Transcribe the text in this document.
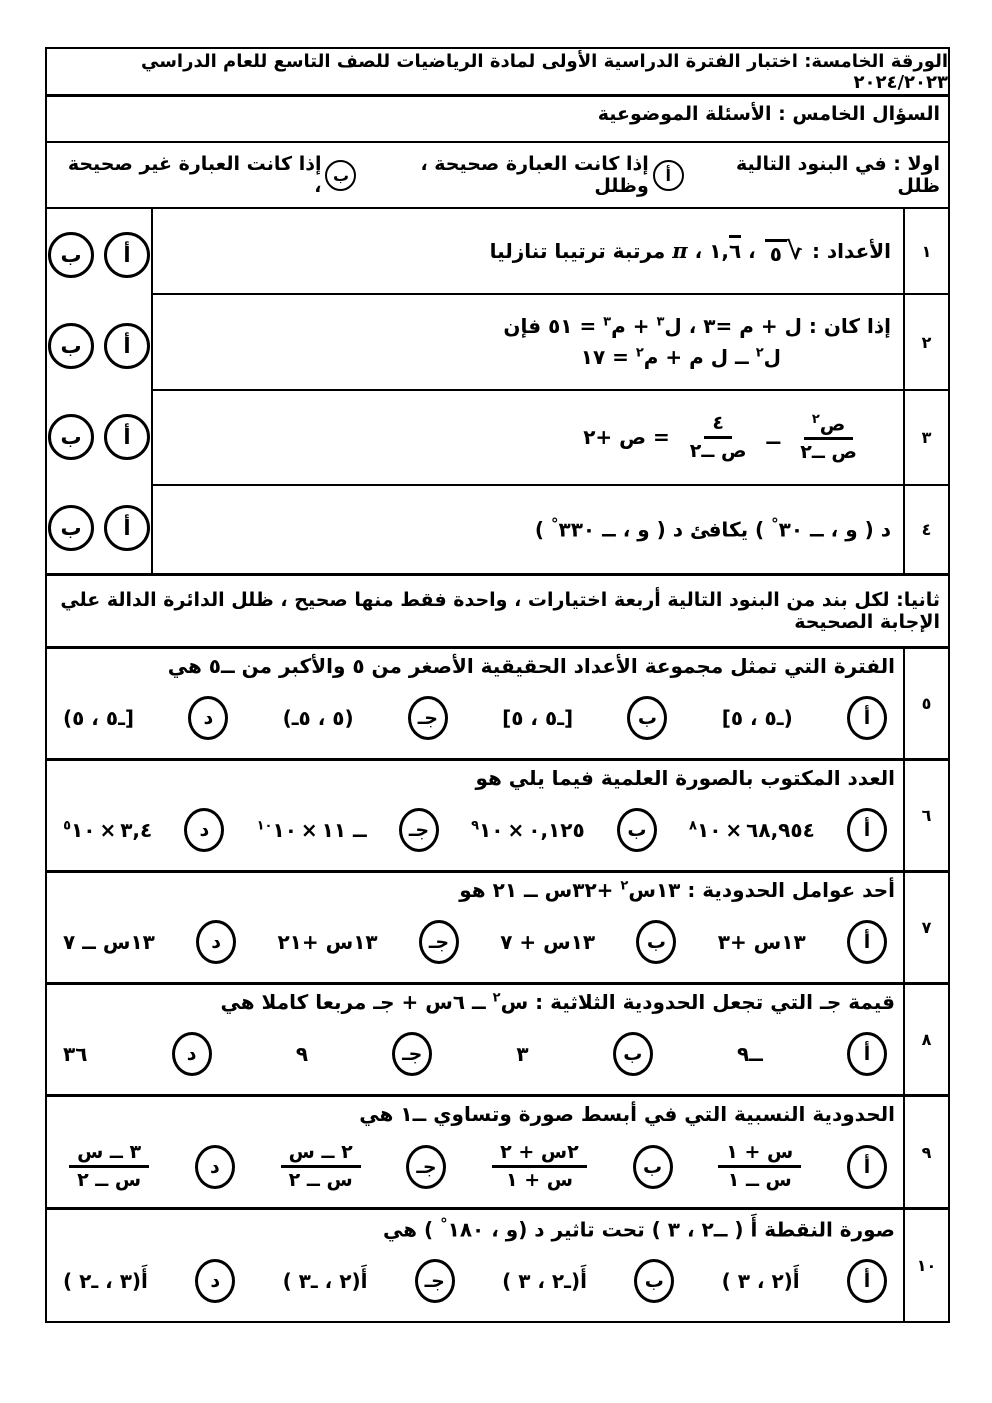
الورقة الخامسة: اختبار الفترة الدراسية الأولى لمادة الرياضيات للصف التاسع للعام الدراسي ٢٠٢٤/٢٠٢٣
السؤال الخامس : الأسئلة الموضوعية
اولا : في البنود التالية ظلل
أ
إذا كانت العبارة صحيحة ، وظلل
ب
إذا كانت العبارة غير صحيحة ،
١
الأعداد :
√
٥
، ١,٦ ، π مرتبة ترتيبا تنازليا
٢
إذا كان : ل + م =٣ ، ل$^٣$ + م$^٣$ = ٥١ فإن
ل$^٢$ ــ ل م + م$^٢$ = ١٧
٣
$\frac{ص^٢}{\text{ص ــ٢}}$
ــ
$\frac{٤}{\text{ص ــ٢}}$
= ص +٢
٤
د ( و ، ــ ٣٠° ) يكافئ د ( و ، ــ ٣٣٠° )
أ
ب
أ
ب
أ
ب
أ
ب
ثانيا: لكل بند من البنود التالية أربعة اختيارات ، واحدة فقط منها صحيح ، ظلل الدائرة الدالة علي الإجابة الصحيحة
٥
الفترة التي تمثل مجموعة الأعداد الحقيقية الأصغر من ٥ والأكبر من ــ٥ هي
أ
[٥ ، ٥ـ)
ب
[٥ ، ٥ـ]
جـ
(ـ٥ ، ٥)
د
(٥ ، ٥ـ]
٦
العدد المكتوب بالصورة العلمية فيما يلي هو
أ
$٦٨,٩٥٤\times ١٠^٨$
ب
$٠,١٢٥\times ١٠^٩$
جـ
ــ $١١\times ١٠^{١٠}$
د
$٣,٤\times ١٠^٥$
٧
أحد عوامل الحدودية : ١٣س$^٢$ +٣٢س ــ ٢١ هو
أ
١٣س +٣
ب
١٣س + ٧
جـ
١٣س +٢١
د
١٣س ــ ٧
٨
قيمة جـ التي تجعل الحدودية الثلاثية : س$^٢$ ــ ٦س + جـ مربعا كاملا هي
أ
ــ٩
ب
٣
جـ
٩
د
٣٦
٩
الحدودية النسبية التي في أبسط صورة وتساوي ــ١ هي
أ
$\frac{\text{س + ١}}{\text{س ــ ١}}$
ب
$\frac{\text{٢س + ٢}}{\text{س + ١}}$
جـ
$\frac{\text{٢ ــ س}}{\text{س ــ ٢}}$
د
$\frac{\text{٣ ــ س}}{\text{س ــ ٢}}$
١٠
صورة النقطة أَ ( ــ٢ ، ٣ ) تحت تاثير د (و ، ١٨٠° ) هي
أ
( ٣ ، ٢)أَ
ب
( ٣ ، ٢ـ)أَ
جـ
( ٣ـ ، ٢)أَ
د
( ٢ـ ، ٣)أَ
